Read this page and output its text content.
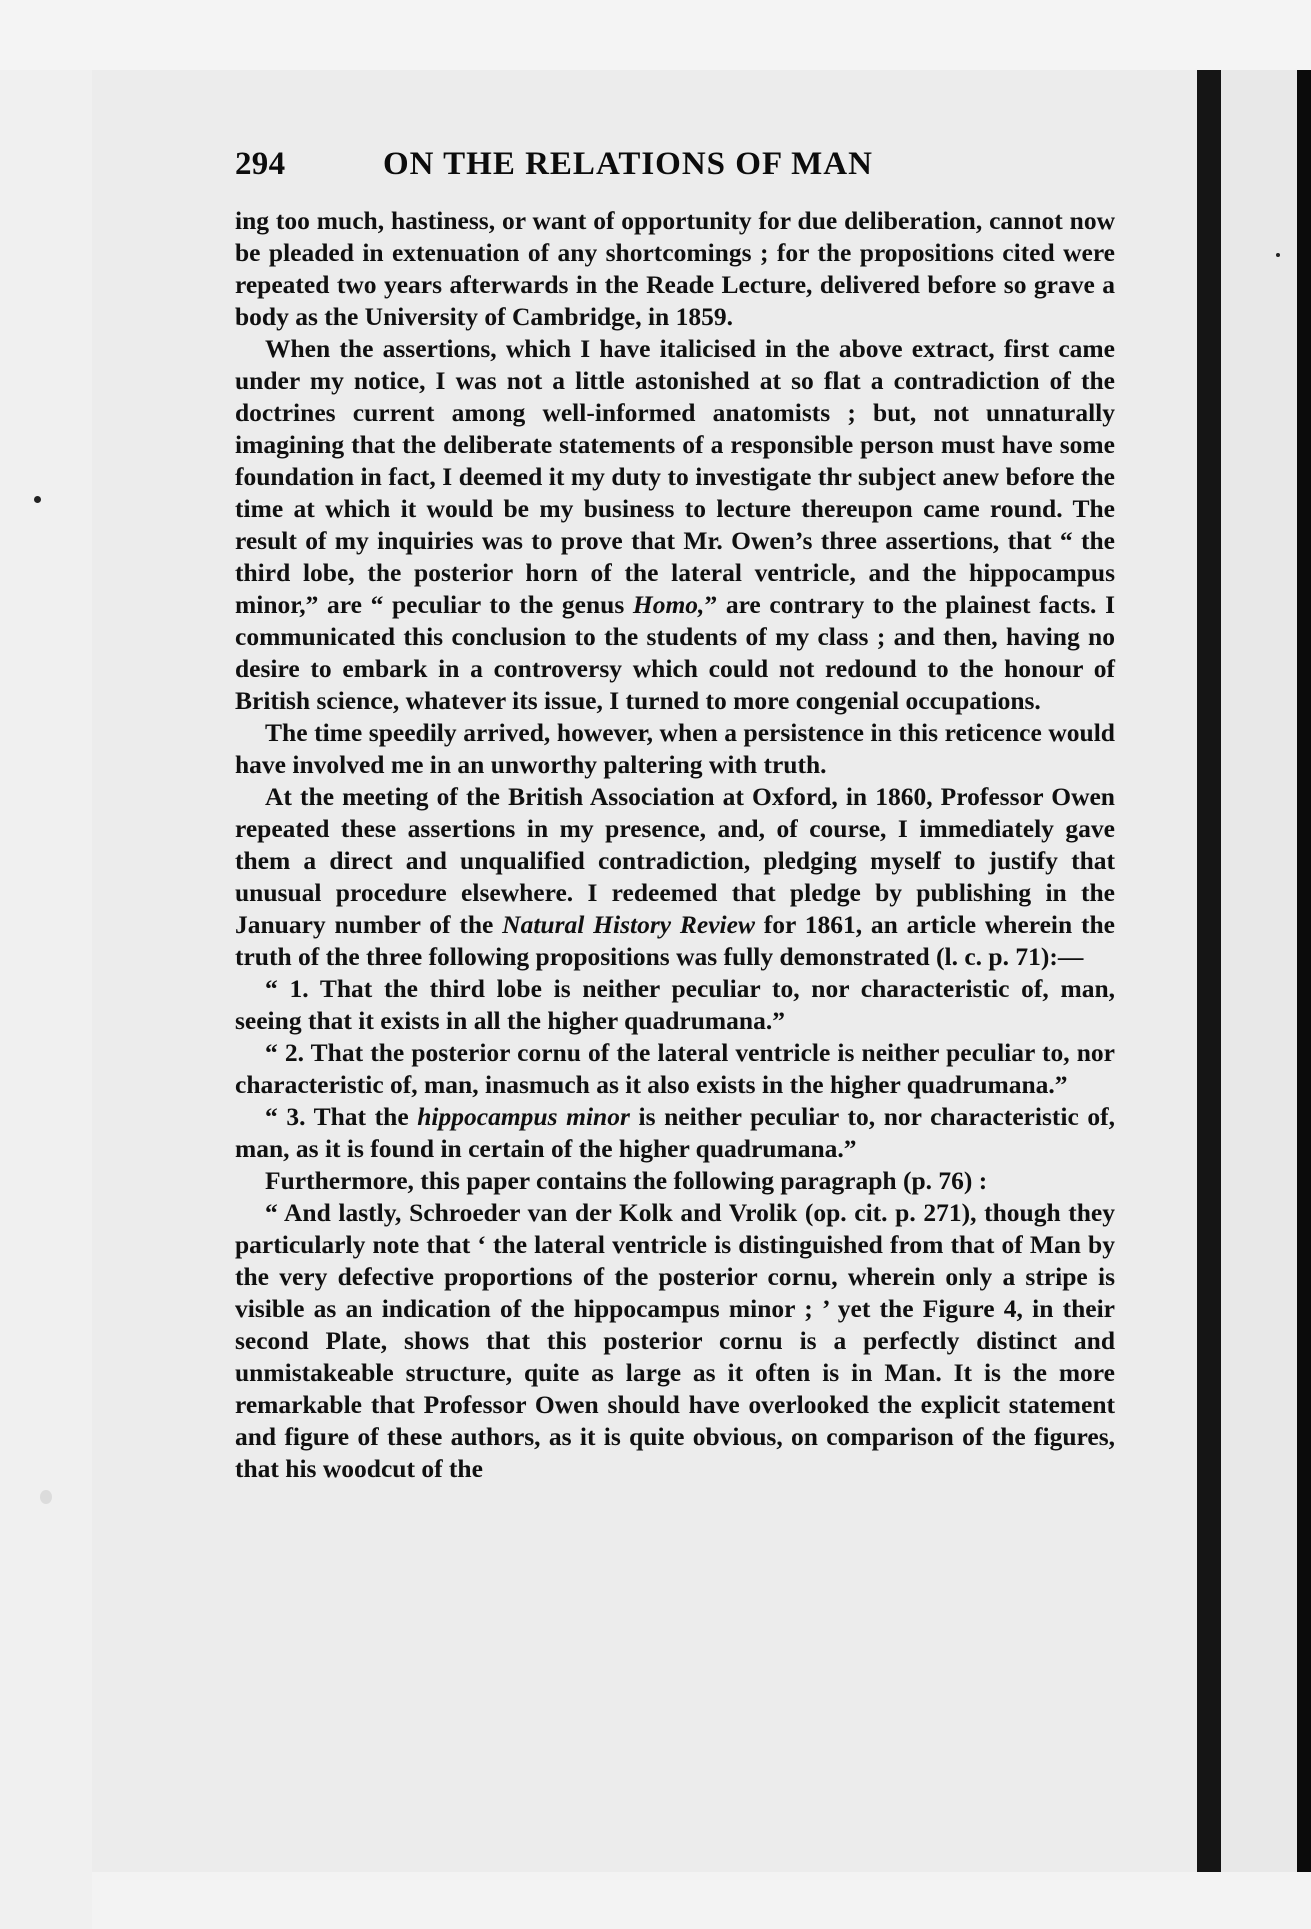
294	ON THE RELATIONS OF MAN

ing too much, hastiness, or want of opportunity for due deliberation, cannot now be pleaded in extenuation of any shortcomings ; for the propositions cited were repeated two years afterwards in the Reade Lecture, delivered before so grave a body as the University of Cambridge, in 1859.

When the assertions, which I have italicised in the above extract, first came under my notice, I was not a little astonished at so flat a contradiction of the doctrines current among well-informed anatomists ; but, not unnaturally imagining that the deliberate statements of a responsible person must have some foundation in fact, I deemed it my duty to investigate thr subject anew before the time at which it would be my business to lecture thereupon came round. The result of my inquiries was to prove that Mr. Owen’s three assertions, that “ the third lobe, the posterior horn of the lateral ventricle, and the hippocampus minor,” are “ peculiar to the genus Homo,” are contrary to the plainest facts. I communicated this conclusion to the students of my class ; and then, having no desire to embark in a controversy which could not redound to the honour of British science, whatever its issue, I turned to more congenial occupations.

The time speedily arrived, however, when a persistence in this reticence would have involved me in an unworthy paltering with truth.

At the meeting of the British Association at Oxford, in 1860, Professor Owen repeated these assertions in my presence, and, of course, I immediately gave them a direct and unqualified contradiction, pledging myself to justify that unusual procedure elsewhere. I redeemed that pledge by publishing in the January number of the Natural History Review for 1861, an article wherein the truth of the three following propositions was fully demonstrated (l. c. p. 71):—

“ 1. That the third lobe is neither peculiar to, nor characteristic of, man, seeing that it exists in all the higher quadrumana.”

“ 2. That the posterior cornu of the lateral ventricle is neither peculiar to, nor characteristic of, man, inasmuch as it also exists in the higher quadrumana.”

“ 3. That the hippocampus minor is neither peculiar to, nor characteristic of, man, as it is found in certain of the higher quadrumana.”

Furthermore, this paper contains the following paragraph (p. 76) :

“ And lastly, Schroeder van der Kolk and Vrolik (op. cit. p. 271), though they particularly note that ‘ the lateral ventricle is distinguished from that of Man by the very defective proportions of the posterior cornu, wherein only a stripe is visible as an indication of the hippocampus minor ; ’ yet the Figure 4, in their second Plate, shows that this posterior cornu is a perfectly distinct and unmistakeable structure, quite as large as it often is in Man. It is the more remarkable that Professor Owen should have overlooked the explicit statement and figure of these authors, as it is quite obvious, on comparison of the figures, that his woodcut of the
